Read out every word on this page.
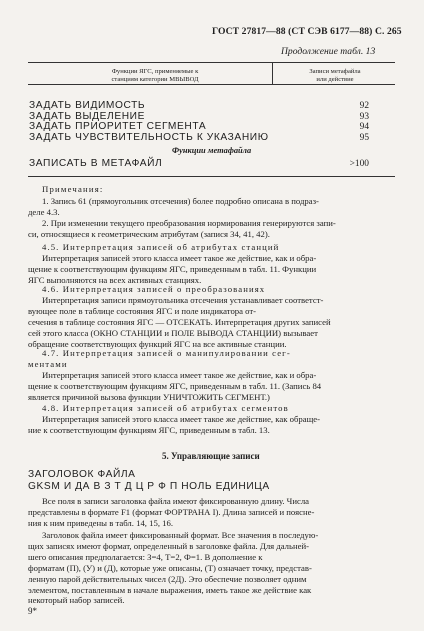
ГОСТ 27817—88 (СТ СЭВ 6177—88) С. 265
Продолжение табл. 13
Функции ЯГС, применяемые к
станциям категории МВЫВОД
Записи метафайла
или действие
ЗАДАТЬ ВИДИМОСТЬ	92
ЗАДАТЬ ВЫДЕЛЕНИЕ	93
ЗАДАТЬ ПРИОРИТЕТ СЕГМЕНТА	94
ЗАДАТЬ ЧУВСТВИТЕЛЬНОСТЬ К УКАЗАНИЮ	95
Функции метафайла
ЗАПИСАТЬ В МЕТАФАЙЛ	>100
Примечания:
1. Запись 61 (прямоугольник отсечения) более подробно описана в подраз-
деле 4.3.
2. При изменении текущего преобразования нормирования генерируются запи-
си, относящиеся к геометрическим атрибутам (запися 34, 41, 42).
4.5. Интерпретация записей об атрибутах станций
Интерпретация записей этого класса имеет такое же действие, как и обра-
щение к соответствующим функциям ЯГС, приведенным в табл. 11. Функции
ЯГС выполняются на всех активных станциях.
4.6. Интерпретация записей о преобразованиях
Интерпретация записи прямоугольника отсечения устанавливает соответст-
вующее поле в таблице состояния ЯГС и поле индикатора от-
сечения в таблице состояния ЯГС — ОТСЕКАТЬ. Интерпретация других записей
сей этого класса (ОКНО СТАНЦИИ и ПОЛЕ ВЫВОДА СТАНЦИИ) вызывает
обращение соответствующих функций ЯГС на все активные станции.
4.7. Интерпретация записей о манипулировании сег-
ментами
Интерпретация записей этого класса имеет такое же действие, как и обра-
щение к соответствующим функциям ЯГС, приведенным в табл. 11. (Запись 84
является причиной вызова функции УНИЧТОЖИТЬ СЕГМЕНТ.)
4.8. Интерпретация записей об атрибутах сегментов
Интерпретация записей этого класса имеет такое же действие, как обраще-
ние к соответствующим функциям ЯГС, приведенным в табл. 13.
5. Управляющие записи
ЗАГОЛОВОК ФАЙЛА
GKSM И ДА В З Т Д Ц Р Ф П НОЛЬ ЕДИНИЦА
Все поля в записи заголовка файла имеют фиксированную длину. Числа
представлены в формате F1 (формат ФОРТРАНА I). Длина записей и поясне-
ния к ним приведены в табл. 14, 15, 16.
Заголовок файла имеет фиксированный формат. Все значения в последую-
щих записях имеют формат, определенный в заголовке файла. Для дальней-
шего описания предполагается: З=4, Т=2, Ф=1. В дополнение к
форматам (П), (У) и (Д), которые уже описаны, (Т) означает точку, представ-
ленную парой действительных чисел (2Д). Это обеспечие позволяет одним
элементом, поставленным в начале выражения, иметь такое же действие как
некоторый набор записей.
9*
